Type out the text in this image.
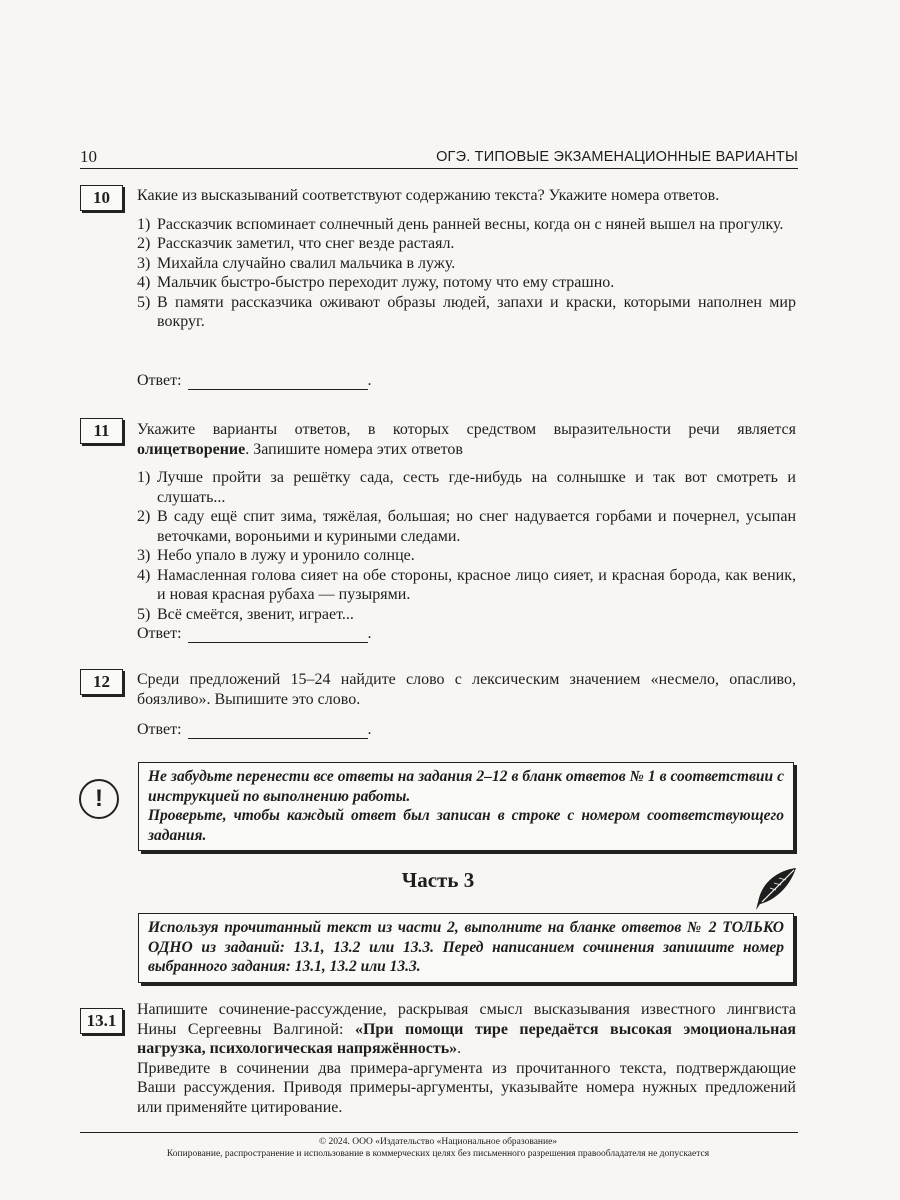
10	ОГЭ. ТИПОВЫЕ ЭКЗАМЕНАЦИОННЫЕ ВАРИАНТЫ
10	Какие из высказываний соответствуют содержанию текста? Укажите номера ответов.

1) Рассказчик вспоминает солнечный день ранней весны, когда он с няней вышел на прогулку.
2) Рассказчик заметил, что снег везде растаял.
3) Михайла случайно свалил мальчика в лужу.
4) Мальчик быстро-быстро переходит лужу, потому что ему страшно.
5) В памяти рассказчика оживают образы людей, запахи и краски, которыми наполнен мир вокруг.
Ответ:	.
11	Укажите варианты ответов, в которых средством выразительности речи является олицетворение. Запишите номера этих ответов

1) Лучше пройти за решётку сада, сесть где-нибудь на солнышке и так вот смотреть и слушать...
2) В саду ещё спит зима, тяжёлая, большая; но снег надувается горбами и почернел, усыпан веточками, вороньими и куриными следами.
3) Небо упало в лужу и уронило солнце.
4) Намасленная голова сияет на обе стороны, красное лицо сияет, и красная борода, как веник, и новая красная рубаха — пузырями.
5) Всё смеётся, звенит, играет...
Ответ:	.
12	Среди предложений 15–24 найдите слово с лексическим значением «несмело, опасливо, боязливо». Выпишите это слово.

Ответ:	.
!
Не забудьте перенести все ответы на задания 2–12 в бланк ответов № 1 в соответствии с инструкцией по выполнению работы.
Проверьте, чтобы каждый ответ был записан в строке с номером соответствующего задания.
Часть 3
Используя прочитанный текст из части 2, выполните на бланке ответов № 2 ТОЛЬКО ОДНО из заданий: 13.1, 13.2 или 13.3. Перед написанием сочинения запишите номер выбранного задания: 13.1, 13.2 или 13.3.
13.1

Напишите сочинение-рассуждение, раскрывая смысл высказывания известного лингвиста Нины Сергеевны Валгиной: «При помощи тире передаётся высокая эмоциональная нагрузка, психологическая напряжённость».

Приведите в сочинении два примера-аргумента из прочитанного текста, подтверждающие Ваши рассуждения. Приводя примеры-аргументы, указывайте номера нужных предложений или применяйте цитирование.

© 2024. ООО «Издательство «Национальное образование»
Копирование, распространение и использование в коммерческих целях без письменного разрешения правообладателя не допускается
